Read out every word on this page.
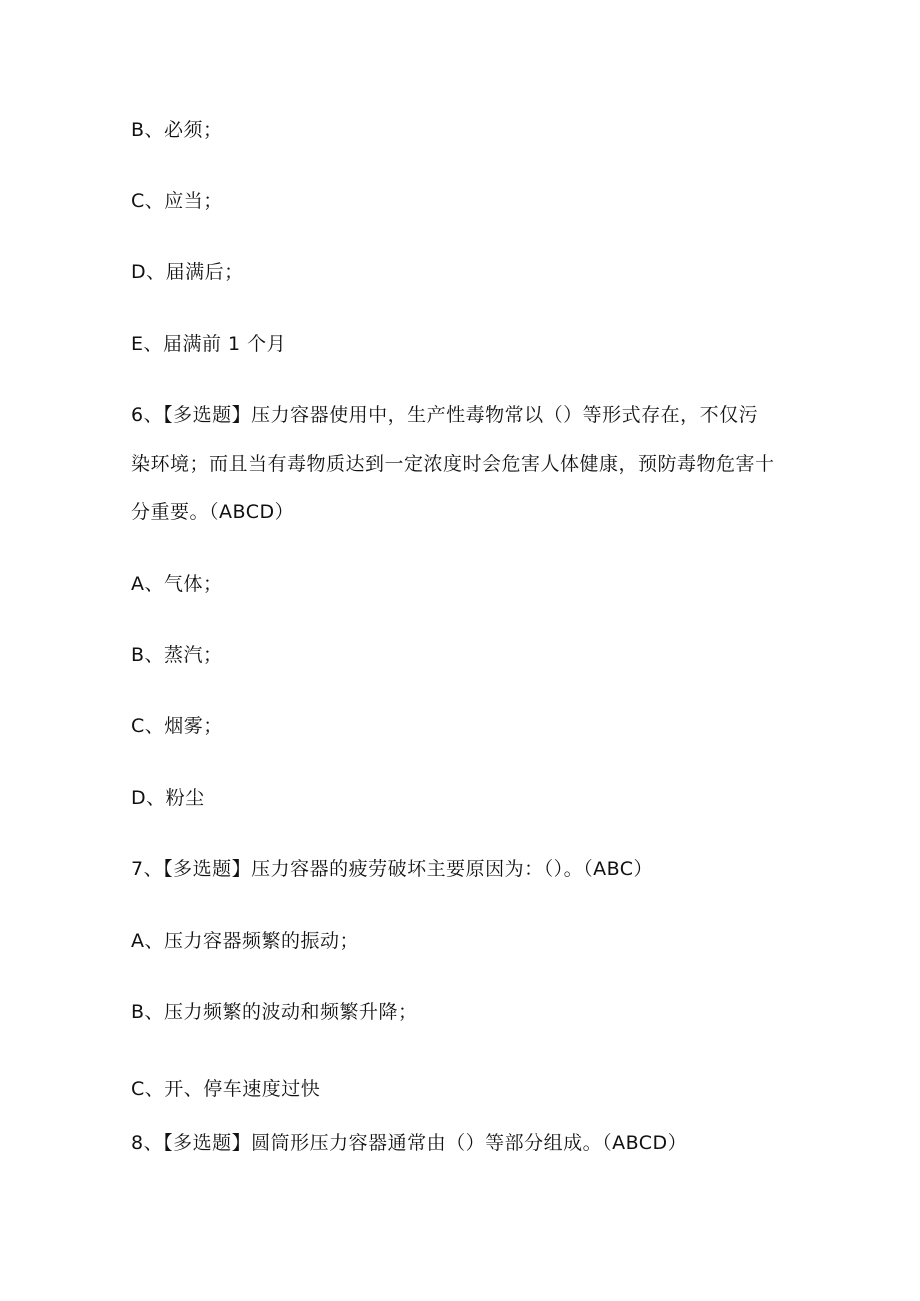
B、必须；
C、应当；
D、届满后；
E、届满前 1 个月
6、【多选题】压力容器使用中，生产性毒物常以（）等形式存在，不仅污
染环境；而且当有毒物质达到一定浓度时会危害人体健康，预防毒物危害十
分重要。（ABCD）
A、气体；
B、蒸汽；
C、烟雾；
D、粉尘
7、【多选题】压力容器的疲劳破坏主要原因为：（）。（ABC）
A、压力容器频繁的振动；
B、压力频繁的波动和频繁升降；
C、开、停车速度过快
8、【多选题】圆筒形压力容器通常由（）等部分组成。（ABCD）
